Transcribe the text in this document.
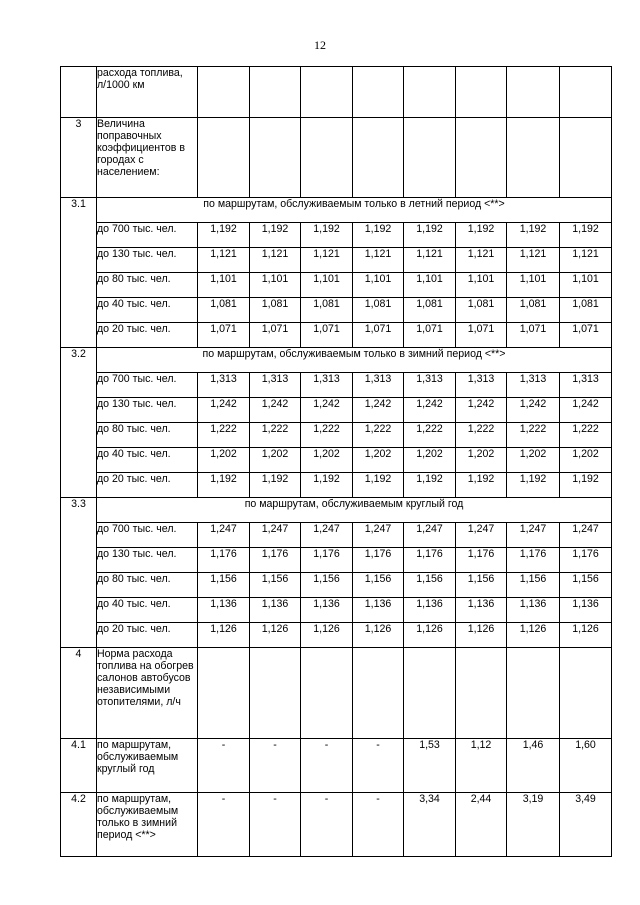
12
	расхода топлива, л/1000 км								
3	Величина поправочных коэффициентов в городах с населением:								
3.1	по маршрутам, обслуживаемым только в летний период <**>								
	до 700 тыс. чел.	1,192	1,192	1,192	1,192	1,192	1,192	1,192	1,192
	до 130 тыс. чел.	1,121	1,121	1,121	1,121	1,121	1,121	1,121	1,121
	до 80 тыс. чел.	1,101	1,101	1,101	1,101	1,101	1,101	1,101	1,101
	до 40 тыс. чел.	1,081	1,081	1,081	1,081	1,081	1,081	1,081	1,081
	до 20 тыс. чел.	1,071	1,071	1,071	1,071	1,071	1,071	1,071	1,071
3.2	по маршрутам, обслуживаемым только в зимний период <**>								
	до 700 тыс. чел.	1,313	1,313	1,313	1,313	1,313	1,313	1,313	1,313
	до 130 тыс. чел.	1,242	1,242	1,242	1,242	1,242	1,242	1,242	1,242
	до 80 тыс. чел.	1,222	1,222	1,222	1,222	1,222	1,222	1,222	1,222
	до 40 тыс. чел.	1,202	1,202	1,202	1,202	1,202	1,202	1,202	1,202
	до 20 тыс. чел.	1,192	1,192	1,192	1,192	1,192	1,192	1,192	1,192
3.3	по маршрутам, обслуживаемым круглый год								
	до 700 тыс. чел.	1,247	1,247	1,247	1,247	1,247	1,247	1,247	1,247
	до 130 тыс. чел.	1,176	1,176	1,176	1,176	1,176	1,176	1,176	1,176
	до 80 тыс. чел.	1,156	1,156	1,156	1,156	1,156	1,156	1,156	1,156
	до 40 тыс. чел.	1,136	1,136	1,136	1,136	1,136	1,136	1,136	1,136
	до 20 тыс. чел.	1,126	1,126	1,126	1,126	1,126	1,126	1,126	1,126
4	Норма расхода топлива на обогрев салонов автобусов независимыми отопителями, л/ч								
4.1	по маршрутам, обслуживаемым круглый год	-	-	-	-	1,53	1,12	1,46	1,60
4.2	по маршрутам, обслуживаемым только в зимний период <**>	-	-	-	-	3,34	2,44	3,19	3,49
